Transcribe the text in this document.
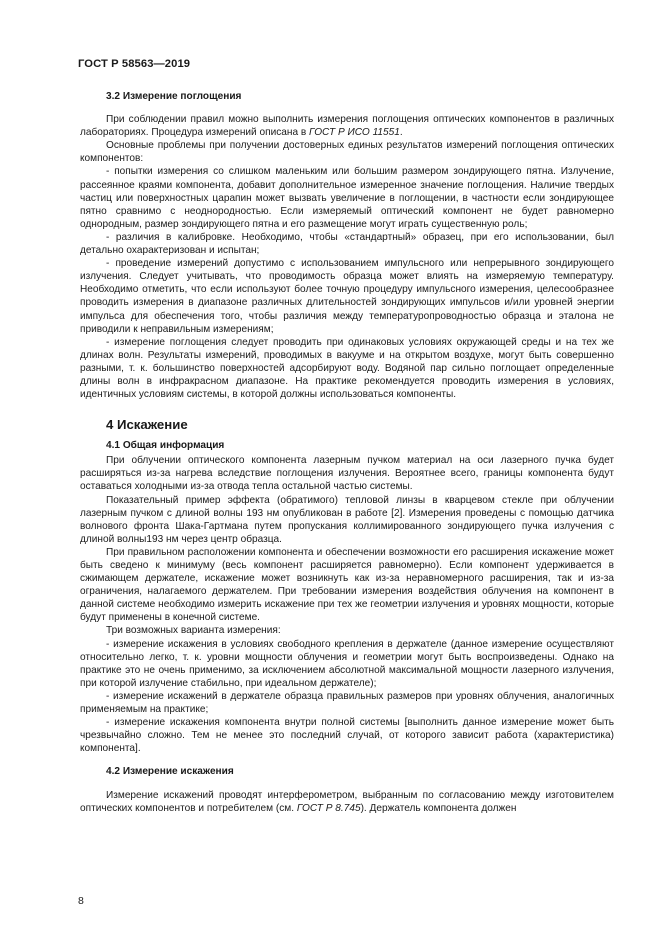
ГОСТ Р 58563—2019
3.2 Измерение поглощения

При соблюдении правил можно выполнить измерения поглощения оптических компонентов в различных лабораториях. Процедура измерений описана в ГОСТ Р ИСО 11551.

Основные проблемы при получении достоверных единых результатов измерений поглощения оптических компонентов:

- попытки измерения со слишком маленьким или большим размером зондирующего пятна. Излучение, рассеянное краями компонента, добавит дополнительное измеренное значение поглощения. Наличие твердых частиц или поверхностных царапин может вызвать увеличение в поглощении, в частности если зондирующее пятно сравнимо с неоднородностью. Если измеряемый оптический компонент не будет равномерно однородным, размер зондирующего пятна и его размещение могут играть существенную роль;

- различия в калибровке. Необходимо, чтобы «стандартный» образец, при его использовании, был детально охарактеризован и испытан;

- проведение измерений допустимо с использованием импульсного или непрерывного зондирующего излучения. Следует учитывать, что проводимость образца может влиять на измеряемую температуру. Необходимо отметить, что если используют более точную процедуру импульсного измерения, целесообразнее проводить измерения в диапазоне различных длительностей зондирующих импульсов и/или уровней энергии импульса для обеспечения того, чтобы различия между температуропроводностью образца и эталона не приводили к неправильным измерениям;

- измерение поглощения следует проводить при одинаковых условиях окружающей среды и на тех же длинах волн. Результаты измерений, проводимых в вакууме и на открытом воздухе, могут быть совершенно разными, т. к. большинство поверхностей адсорбируют воду. Водяной пар сильно поглощает определенные длины волн в инфракрасном диапазоне. На практике рекомендуется проводить измерения в условиях, идентичных условиям системы, в которой должны использоваться компоненты.

4 Искажение
4.1 Общая информация

При облучении оптического компонента лазерным пучком материал на оси лазерного пучка будет расширяться из-за нагрева вследствие поглощения излучения. Вероятнее всего, границы компонента будут оставаться холодными из-за отвода тепла остальной частью системы.

Показательный пример эффекта (обратимого) тепловой линзы в кварцевом стекле при облучении лазерным пучком с длиной волны 193 нм опубликован в работе [2]. Измерения проведены с помощью датчика волнового фронта Шака-Гартмана путем пропускания коллимированного зондирующего пучка излучения с длиной волны193 нм через центр образца.

При правильном расположении компонента и обеспечении возможности его расширения искажение может быть сведено к минимуму (весь компонент расширяется равномерно). Если компонент удерживается в сжимающем держателе, искажение может возникнуть как из-за неравномерного расширения, так и из-за ограничения, налагаемого держателем. При требовании измерения воздействия облучения на компонент в данной системе необходимо измерить искажение при тех же геометрии излучения и уровнях мощности, которые будут применены в конечной системе.

Три возможных варианта измерения:

- измерение искажения в условиях свободного крепления в держателе (данное измерение осуществляют относительно легко, т. к. уровни мощности облучения и геометрии могут быть воспроизведены. Однако на практике это не очень применимо, за исключением абсолютной максимальной мощности лазерного излучения, при которой излучение стабильно, при идеальном держателе);

- измерение искажений в держателе образца правильных размеров при уровнях облучения, аналогичных применяемым на практике;

- измерение искажения компонента внутри полной системы [выполнить данное измерение может быть чрезвычайно сложно. Тем не менее это последний случай, от которого зависит работа (характеристика) компонента].

4.2 Измерение искажения

Измерение искажений проводят интерферометром, выбранным по согласованию между изготовителем оптических компонентов и потребителем (см. ГОСТ Р 8.745). Держатель компонента должен

8
